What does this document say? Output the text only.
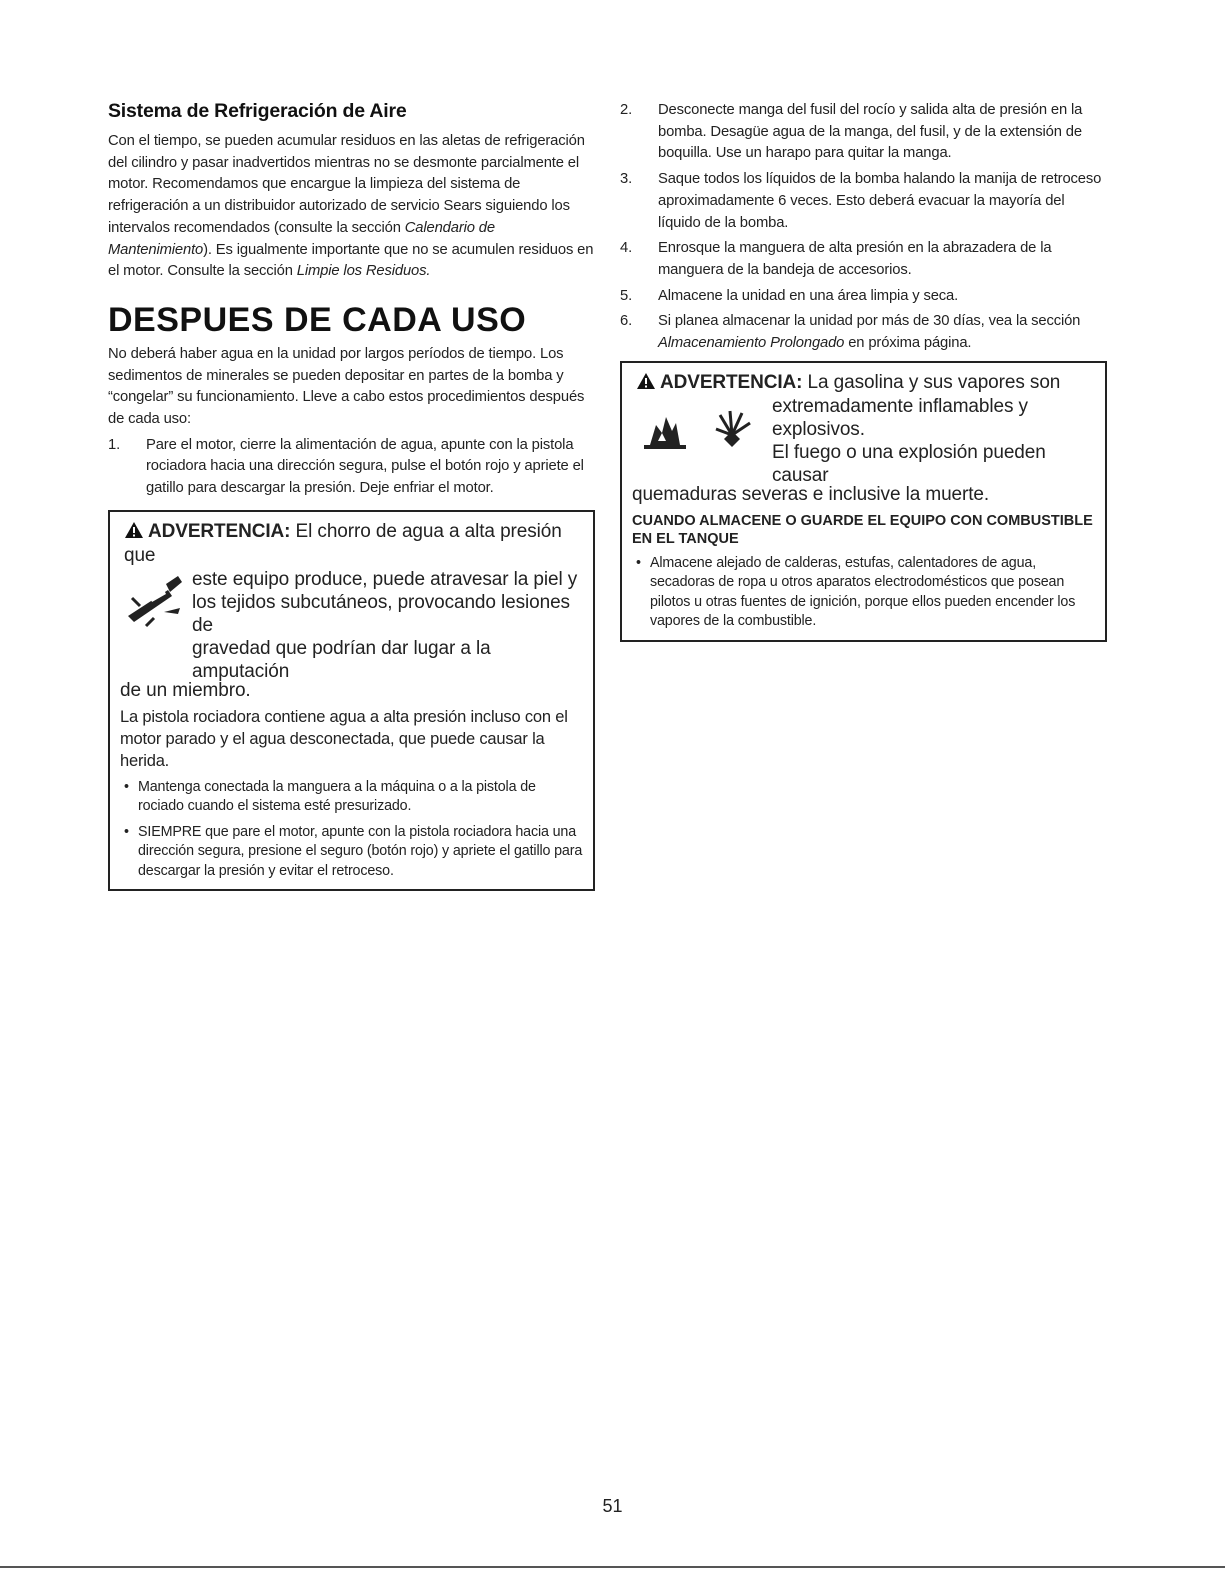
Sistema de Refrigeración de Aire

Con el tiempo, se pueden acumular residuos en las aletas de refrigeración del cilindro y pasar inadvertidos mientras no se desmonte parcialmente el motor. Recomendamos que encargue la limpieza del sistema de refrigeración a un distribuidor autorizado de servicio Sears siguiendo los intervalos recomendados (consulte la sección Calendario de Mantenimiento). Es igualmente importante que no se acumulen residuos en el motor. Consulte la sección Limpie los Residuos.

DESPUES DE CADA USO

No deberá haber agua en la unidad por largos períodos de tiempo. Los sedimentos de minerales se pueden depositar en partes de la bomba y “congelar” su funcionamiento. Lleve a cabo estos procedimientos después de cada uso:

1. Pare el motor, cierre la alimentación de agua, apunte con la pistola rociadora hacia una dirección segura, pulse el botón rojo y apriete el gatillo para descargar la presión. Deje enfriar el motor.
ADVERTENCIA: El chorro de agua a alta presión que
este equipo produce, puede atravesar la piel y
los tejidos subcutáneos, provocando lesiones de
gravedad que podrían dar lugar a la amputación
de un miembro.
La pistola rociadora contiene agua a alta presión incluso con el motor parado y el agua desconectada, que puede causar la herida.
• Mantenga conectada la manguera a la máquina o a la pistola de rociado cuando el sistema esté presurizado.
• SIEMPRE que pare el motor, apunte con la pistola rociadora hacia una dirección segura, presione el seguro (botón rojo) y apriete el gatillo para descargar la presión y evitar el retroceso.
2. Desconecte manga del fusil del rocío y salida alta de presión en la bomba. Desagüe agua de la manga, del fusil, y de la extensión de boquilla. Use un harapo para quitar la manga.
3. Saque todos los líquidos de la bomba halando la manija de retroceso aproximadamente 6 veces. Esto deberá evacuar la mayoría del líquido de la bomba.
4. Enrosque la manguera de alta presión en la abrazadera de la manguera de la bandeja de accesorios.
5. Almacene la unidad en una área limpia y seca.
6. Si planea almacenar la unidad por más de 30 días, vea la sección Almacenamiento Prolongado en próxima página.
ADVERTENCIA: La gasolina y sus vapores son
extremadamente inflamables y
explosivos.
El fuego o una explosión pueden causar
quemaduras severas e inclusive la muerte.
CUANDO ALMACENE O GUARDE EL EQUIPO CON COMBUSTIBLE EN EL TANQUE
• Almacene alejado de calderas, estufas, calentadores de agua, secadoras de ropa u otros aparatos electrodomésticos que posean pilotos u otras fuentes de ignición, porque ellos pueden encender los vapores de la combustible.
51
